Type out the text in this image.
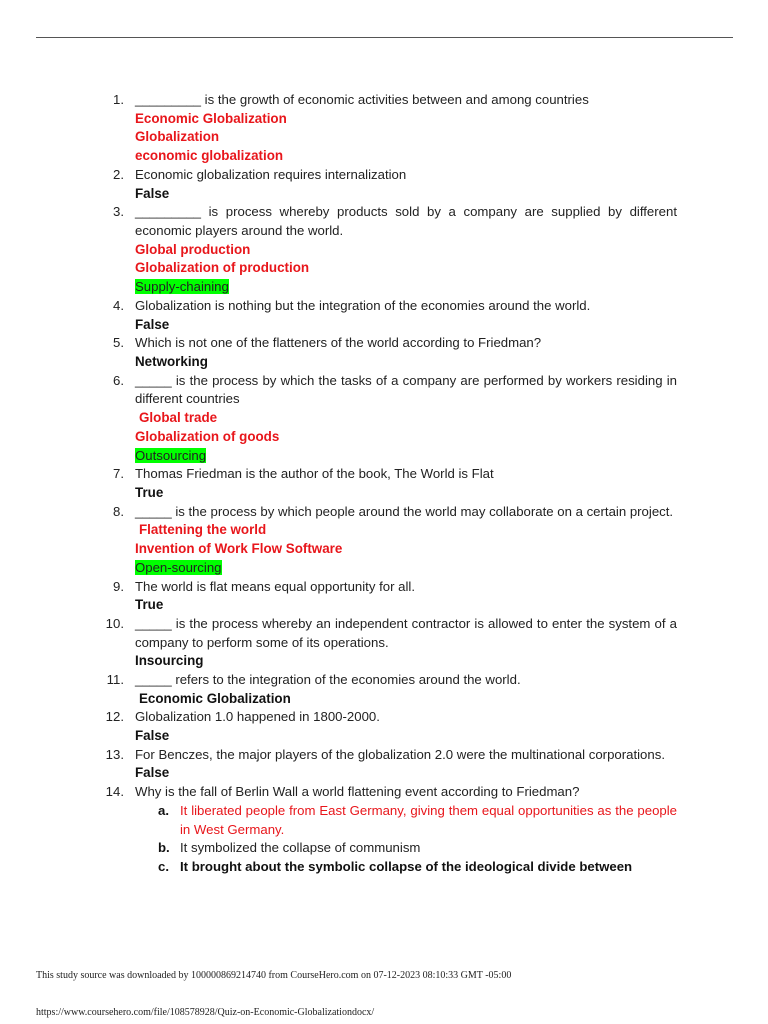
1. _________ is the growth of economic activities between and among countries
Economic Globalization
Globalization
economic globalization
2. Economic globalization requires internalization
False
3. _________ is process whereby products sold by a company are supplied by different economic players around the world.
Global production
Globalization of production
Supply-chaining
4. Globalization is nothing but the integration of the economies around the world.
False
5. Which is not one of the flatteners of the world according to Friedman?
Networking
6. _____ is the process by which the tasks of a company are performed by workers residing in different countries
Global trade
Globalization of goods
Outsourcing
7. Thomas Friedman is the author of the book, The World is Flat
True
8. _____ is the process by which people around the world may collaborate on a certain project.
Flattening the world
Invention of Work Flow Software
Open-sourcing
9. The world is flat means equal opportunity for all.
True
10. _____ is the process whereby an independent contractor is allowed to enter the system of a company to perform some of its operations.
Insourcing
11. _____ refers to the integration of the economies around the world.
Economic Globalization
12. Globalization 1.0 happened in 1800-2000.
False
13. For Benczes, the major players of the globalization 2.0 were the multinational corporations.
False
14. Why is the fall of Berlin Wall a world flattening event according to Friedman?
a. It liberated people from East Germany, giving them equal opportunities as the people in West Germany.
b. It symbolized the collapse of communism
c. It brought about the symbolic collapse of the ideological divide between
This study source was downloaded by 100000869214740 from CourseHero.com on 07-12-2023 08:10:33 GMT -05:00
https://www.coursehero.com/file/108578928/Quiz-on-Economic-Globalizationdocx/
